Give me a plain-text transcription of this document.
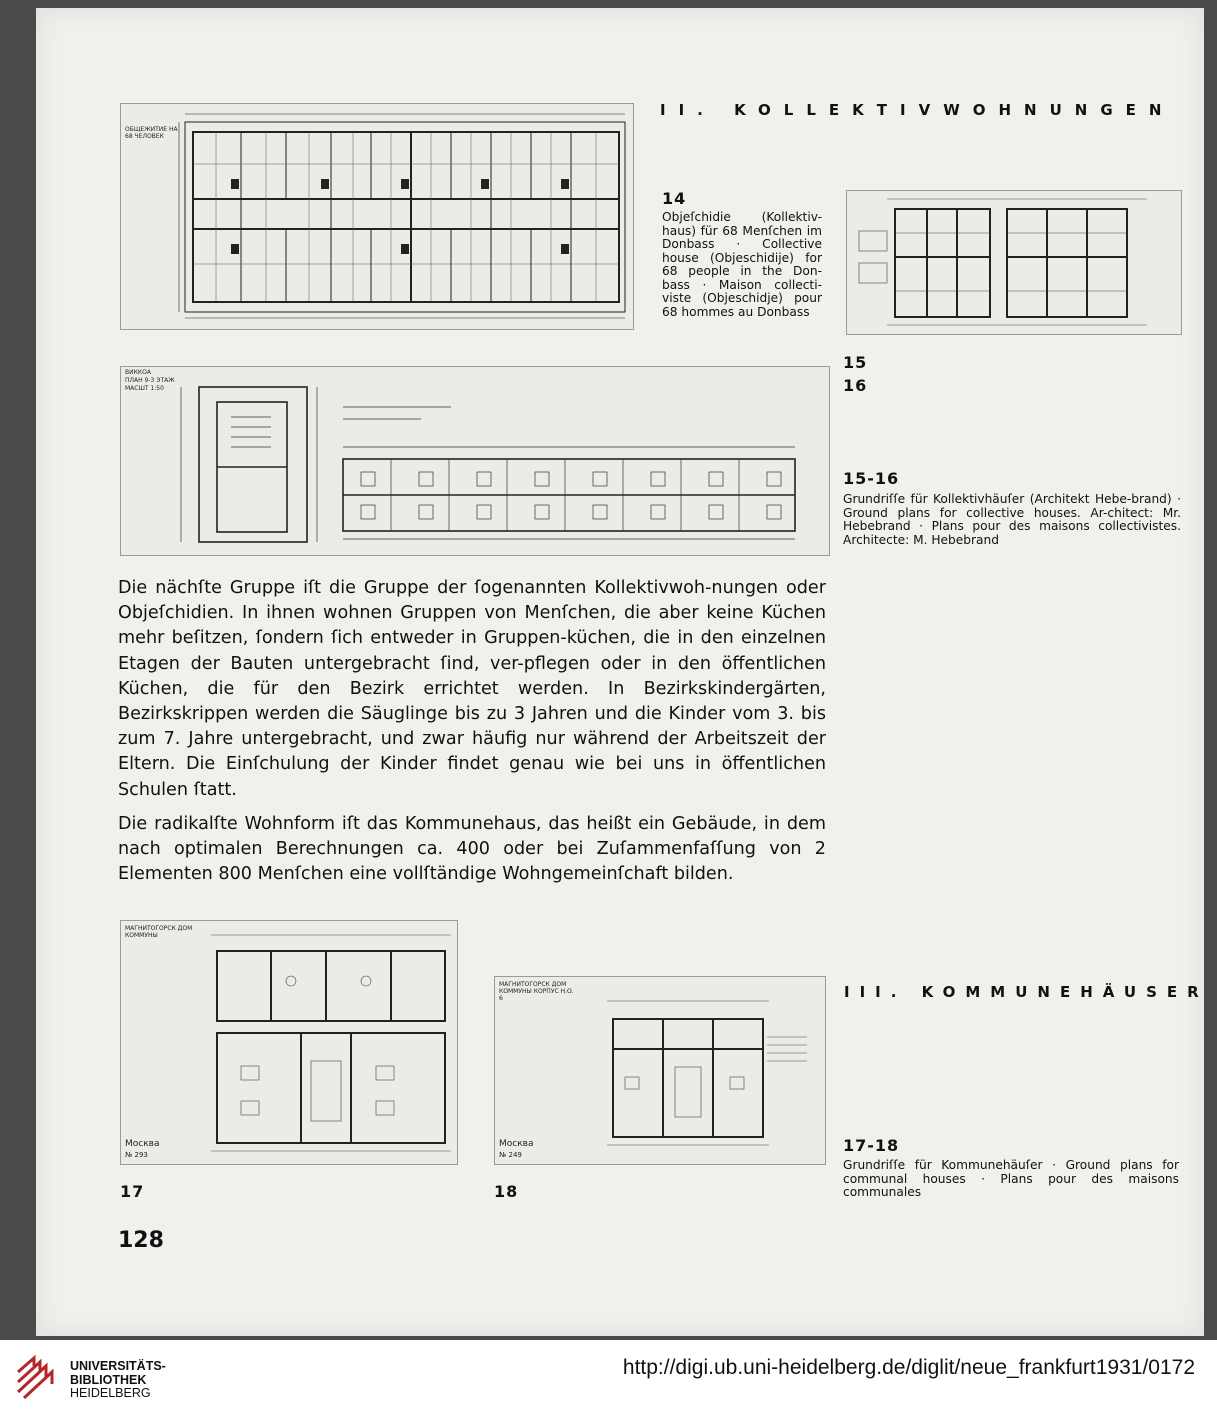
II. KOLLEKTIVWOHNUNGEN
ОБЩЕЖИТИЕ НА 68 ЧЕЛОВЕК
14
Objeſchidie (Kollektiv-haus) für 68 Menſchen im Donbass · Collective house (Objeschidije) for 68 people in the Don-bass · Maison collecti-viste (Objeschidje) pour 68 hommes au Donbass
15
16
ВИККОА
ПЛАН 9-3 ЭТАЖ
МАСШТ 1:50
15-16
Grundriſſe für Kollektivhäuſer (Architekt Hebe-brand) · Ground plans for collective houses. Ar-chitect: Mr. Hebebrand · Plans pour des maisons collectivistes. Architecte: M. Hebebrand

Die nächſte Gruppe iſt die Gruppe der ſogenannten Kollektivwoh-nungen oder Objeſchidien. In ihnen wohnen Gruppen von Menſchen, die aber keine Küchen mehr beſitzen, ſondern ſich entweder in Gruppen-küchen, die in den einzelnen Etagen der Bauten untergebracht ſind, ver-pflegen oder in den öffentlichen Küchen, die für den Bezirk errichtet werden. In Bezirkskindergärten, Bezirkskrippen werden die Säuglinge bis zu 3 Jahren und die Kinder vom 3. bis zum 7. Jahre untergebracht, und zwar häufig nur während der Arbeitszeit der Eltern. Die Einſchulung der Kinder findet genau wie bei uns in öffentlichen Schulen ſtatt.

Die radikalſte Wohnform iſt das Kommunehaus, das heißt ein Gebäude, in dem nach optimalen Berechnungen ca. 400 oder bei Zuſammenfaſſung von 2 Elementen 800 Menſchen eine vollſtändige Wohngemeinſchaft bilden.

III. KOMMUNEHÄUSER
МАГНИТОГОРСК ДОМ КОММУНЫ
Москва
№ 293
МАГНИТОГОРСК ДОМ КОММУНЫ КОРПУС Н.О. 6
Москва
№ 249
17	18
17-18
Grundriſſe für Kommunehäuſer · Ground plans for communal houses · Plans pour des maisons communales
128
UNIVERSITÄTS-
BIBLIOTHEK
HEIDELBERG
http://digi.ub.uni-heidelberg.de/diglit/neue_frankfurt1931/0172
